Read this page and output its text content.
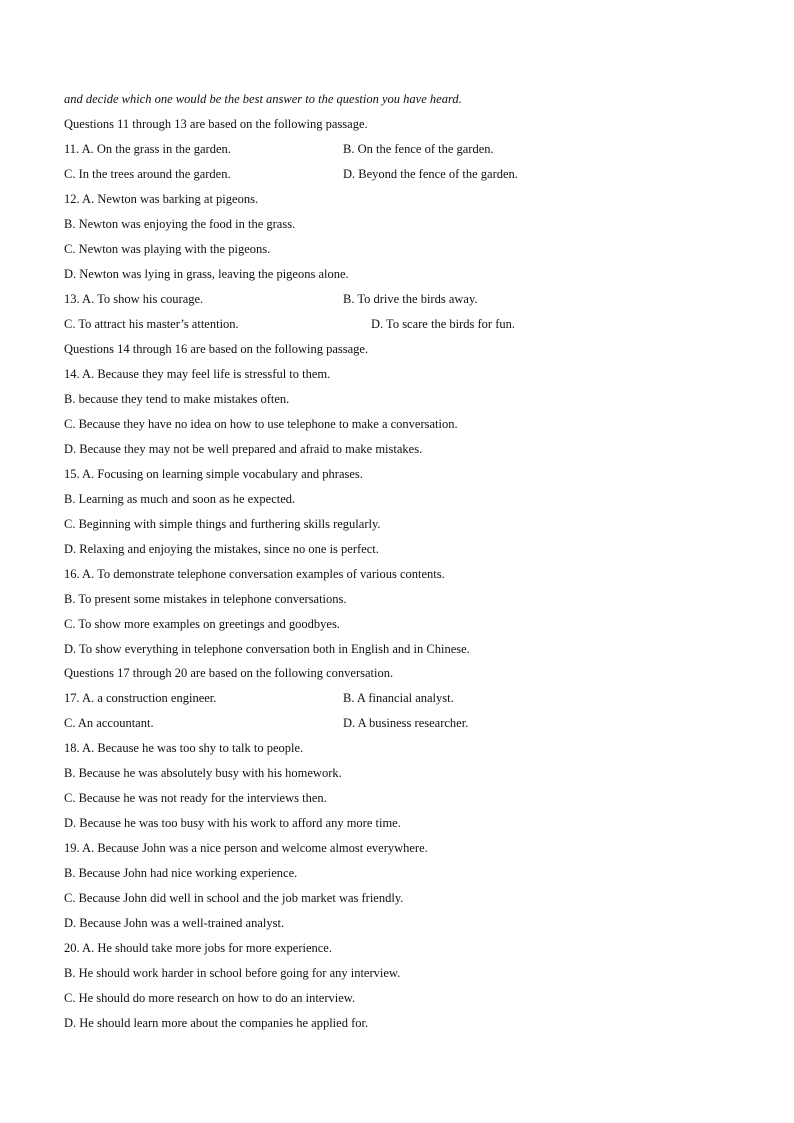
and decide which one would be the best answer to the question you have heard.
Questions 11 through 13 are based on the following passage.
11. A. On the grass in the garden.	B. On the fence of the garden.
C. In the trees around the garden.	D. Beyond the fence of the garden.
12. A. Newton was barking at pigeons.
B. Newton was enjoying the food in the grass.
C. Newton was playing with the pigeons.
D. Newton was lying in grass, leaving the pigeons alone.
13. A. To show his courage.	B. To drive the birds away.
C. To attract his master’s attention.	D. To scare the birds for fun.
Questions 14 through 16 are based on the following passage.
14. A. Because they may feel life is stressful to them.
B. because they tend to make mistakes often.
C. Because they have no idea on how to use telephone to make a conversation.
D. Because they may not be well prepared and afraid to make mistakes.
15. A. Focusing on learning simple vocabulary and phrases.
B. Learning as much and soon as he expected.
C. Beginning with simple things and furthering skills regularly.
D. Relaxing and enjoying the mistakes, since no one is perfect.
16. A. To demonstrate telephone conversation examples of various contents.
B. To present some mistakes in telephone conversations.
C. To show more examples on greetings and goodbyes.
D. To show everything in telephone conversation both in English and in Chinese.
Questions 17 through 20 are based on the following conversation.
17. A. a construction engineer.	B. A financial analyst.
C. An accountant.	D. A business researcher.
18. A. Because he was too shy to talk to people.
B. Because he was absolutely busy with his homework.
C. Because he was not ready for the interviews then.
D. Because he was too busy with his work to afford any more time.
19. A. Because John was a nice person and welcome almost everywhere.
B. Because John had nice working experience.
C. Because John did well in school and the job market was friendly.
D. Because John was a well-trained analyst.
20. A. He should take more jobs for more experience.
B. He should work harder in school before going for any interview.
C. He should do more research on how to do an interview.
D. He should learn more about the companies he applied for.
